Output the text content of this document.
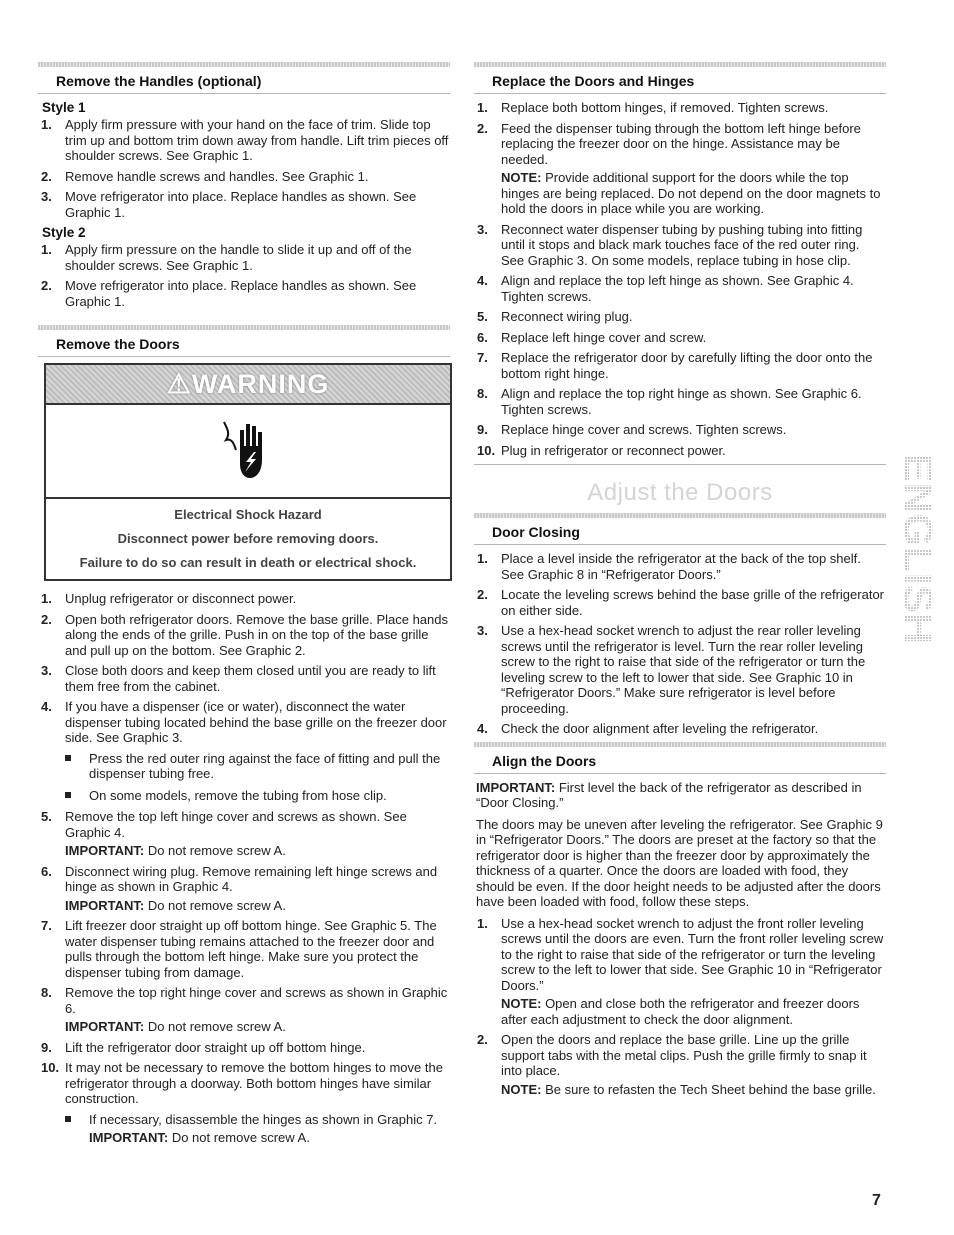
Remove the Handles (optional)
Style 1
1. Apply firm pressure with your hand on the face of trim. Slide top trim up and bottom trim down away from handle. Lift trim pieces off shoulder screws. See Graphic 1.
2. Remove handle screws and handles. See Graphic 1.
3. Move refrigerator into place. Replace handles as shown. See Graphic 1.
Style 2
1. Apply firm pressure on the handle to slide it up and off of the shoulder screws. See Graphic 1.
2. Move refrigerator into place. Replace handles as shown. See Graphic 1.
Remove the Doors
⚠WARNING
Electrical Shock Hazard
Disconnect power before removing doors.
Failure to do so can result in death or electrical shock.
1. Unplug refrigerator or disconnect power.
2. Open both refrigerator doors. Remove the base grille. Place hands along the ends of the grille. Push in on the top of the base grille and pull up on the bottom. See Graphic 2.
3. Close both doors and keep them closed until you are ready to lift them free from the cabinet.
4. If you have a dispenser (ice or water), disconnect the water dispenser tubing located behind the base grille on the freezer door side. See Graphic 3.
Press the red outer ring against the face of fitting and pull the dispenser tubing free.
On some models, remove the tubing from hose clip.
5. Remove the top left hinge cover and screws as shown. See Graphic 4.

IMPORTANT: Do not remove screw A.

6. Disconnect wiring plug. Remove remaining left hinge screws and hinge as shown in Graphic 4.

IMPORTANT: Do not remove screw A.

7. Lift freezer door straight up off bottom hinge. See Graphic 5. The water dispenser tubing remains attached to the freezer door and pulls through the bottom left hinge. Make sure you protect the dispenser tubing from damage.
8. Remove the top right hinge cover and screws as shown in Graphic 6.

IMPORTANT: Do not remove screw A.

9. Lift the refrigerator door straight up off bottom hinge.
10. It may not be necessary to remove the bottom hinges to move the refrigerator through a doorway. Both bottom hinges have similar construction.
If necessary, disassemble the hinges as shown in Graphic 7.

IMPORTANT: Do not remove screw A.

Replace the Doors and Hinges
1. Replace both bottom hinges, if removed. Tighten screws.
2. Feed the dispenser tubing through the bottom left hinge before replacing the freezer door on the hinge. Assistance may be needed.

NOTE: Provide additional support for the doors while the top hinges are being replaced. Do not depend on the door magnets to hold the doors in place while you are working.

3. Reconnect water dispenser tubing by pushing tubing into fitting until it stops and black mark touches face of the red outer ring. See Graphic 3. On some models, replace tubing in hose clip.
4. Align and replace the top left hinge as shown. See Graphic 4. Tighten screws.
5. Reconnect wiring plug.
6. Replace left hinge cover and screw.
7. Replace the refrigerator door by carefully lifting the door onto the bottom right hinge.
8. Align and replace the top right hinge as shown. See Graphic 6. Tighten screws.
9. Replace hinge cover and screws. Tighten screws.
10. Plug in refrigerator or reconnect power.
Adjust the Doors
Door Closing
1. Place a level inside the refrigerator at the back of the top shelf. See Graphic 8 in “Refrigerator Doors.”
2. Locate the leveling screws behind the base grille of the refrigerator on either side.
3. Use a hex-head socket wrench to adjust the rear roller leveling screws until the refrigerator is level. Turn the rear roller leveling screw to the right to raise that side of the refrigerator or turn the leveling screw to the left to lower that side. See Graphic 10 in “Refrigerator Doors.” Make sure refrigerator is level before proceeding.
4. Check the door alignment after leveling the refrigerator.
Align the Doors

IMPORTANT: First level the back of the refrigerator as described in “Door Closing.”

The doors may be uneven after leveling the refrigerator. See Graphic 9 in “Refrigerator Doors.” The doors are preset at the factory so that the refrigerator door is higher than the freezer door by approximately the thickness of a quarter. Once the doors are loaded with food, they should be even. If the door height needs to be adjusted after the doors have been loaded with food, follow these steps.

1. Use a hex-head socket wrench to adjust the front roller leveling screws until the doors are even. Turn the front roller leveling screw to the right to raise that side of the refrigerator or turn the leveling screw to the left to lower that side. See Graphic 10 in “Refrigerator Doors.”

NOTE: Open and close both the refrigerator and freezer doors after each adjustment to check the door alignment.

2. Open the doors and replace the base grille. Line up the grille support tabs with the metal clips. Push the grille firmly to snap it into place.

NOTE: Be sure to refasten the Tech Sheet behind the base grille.

ENGLISH
7
